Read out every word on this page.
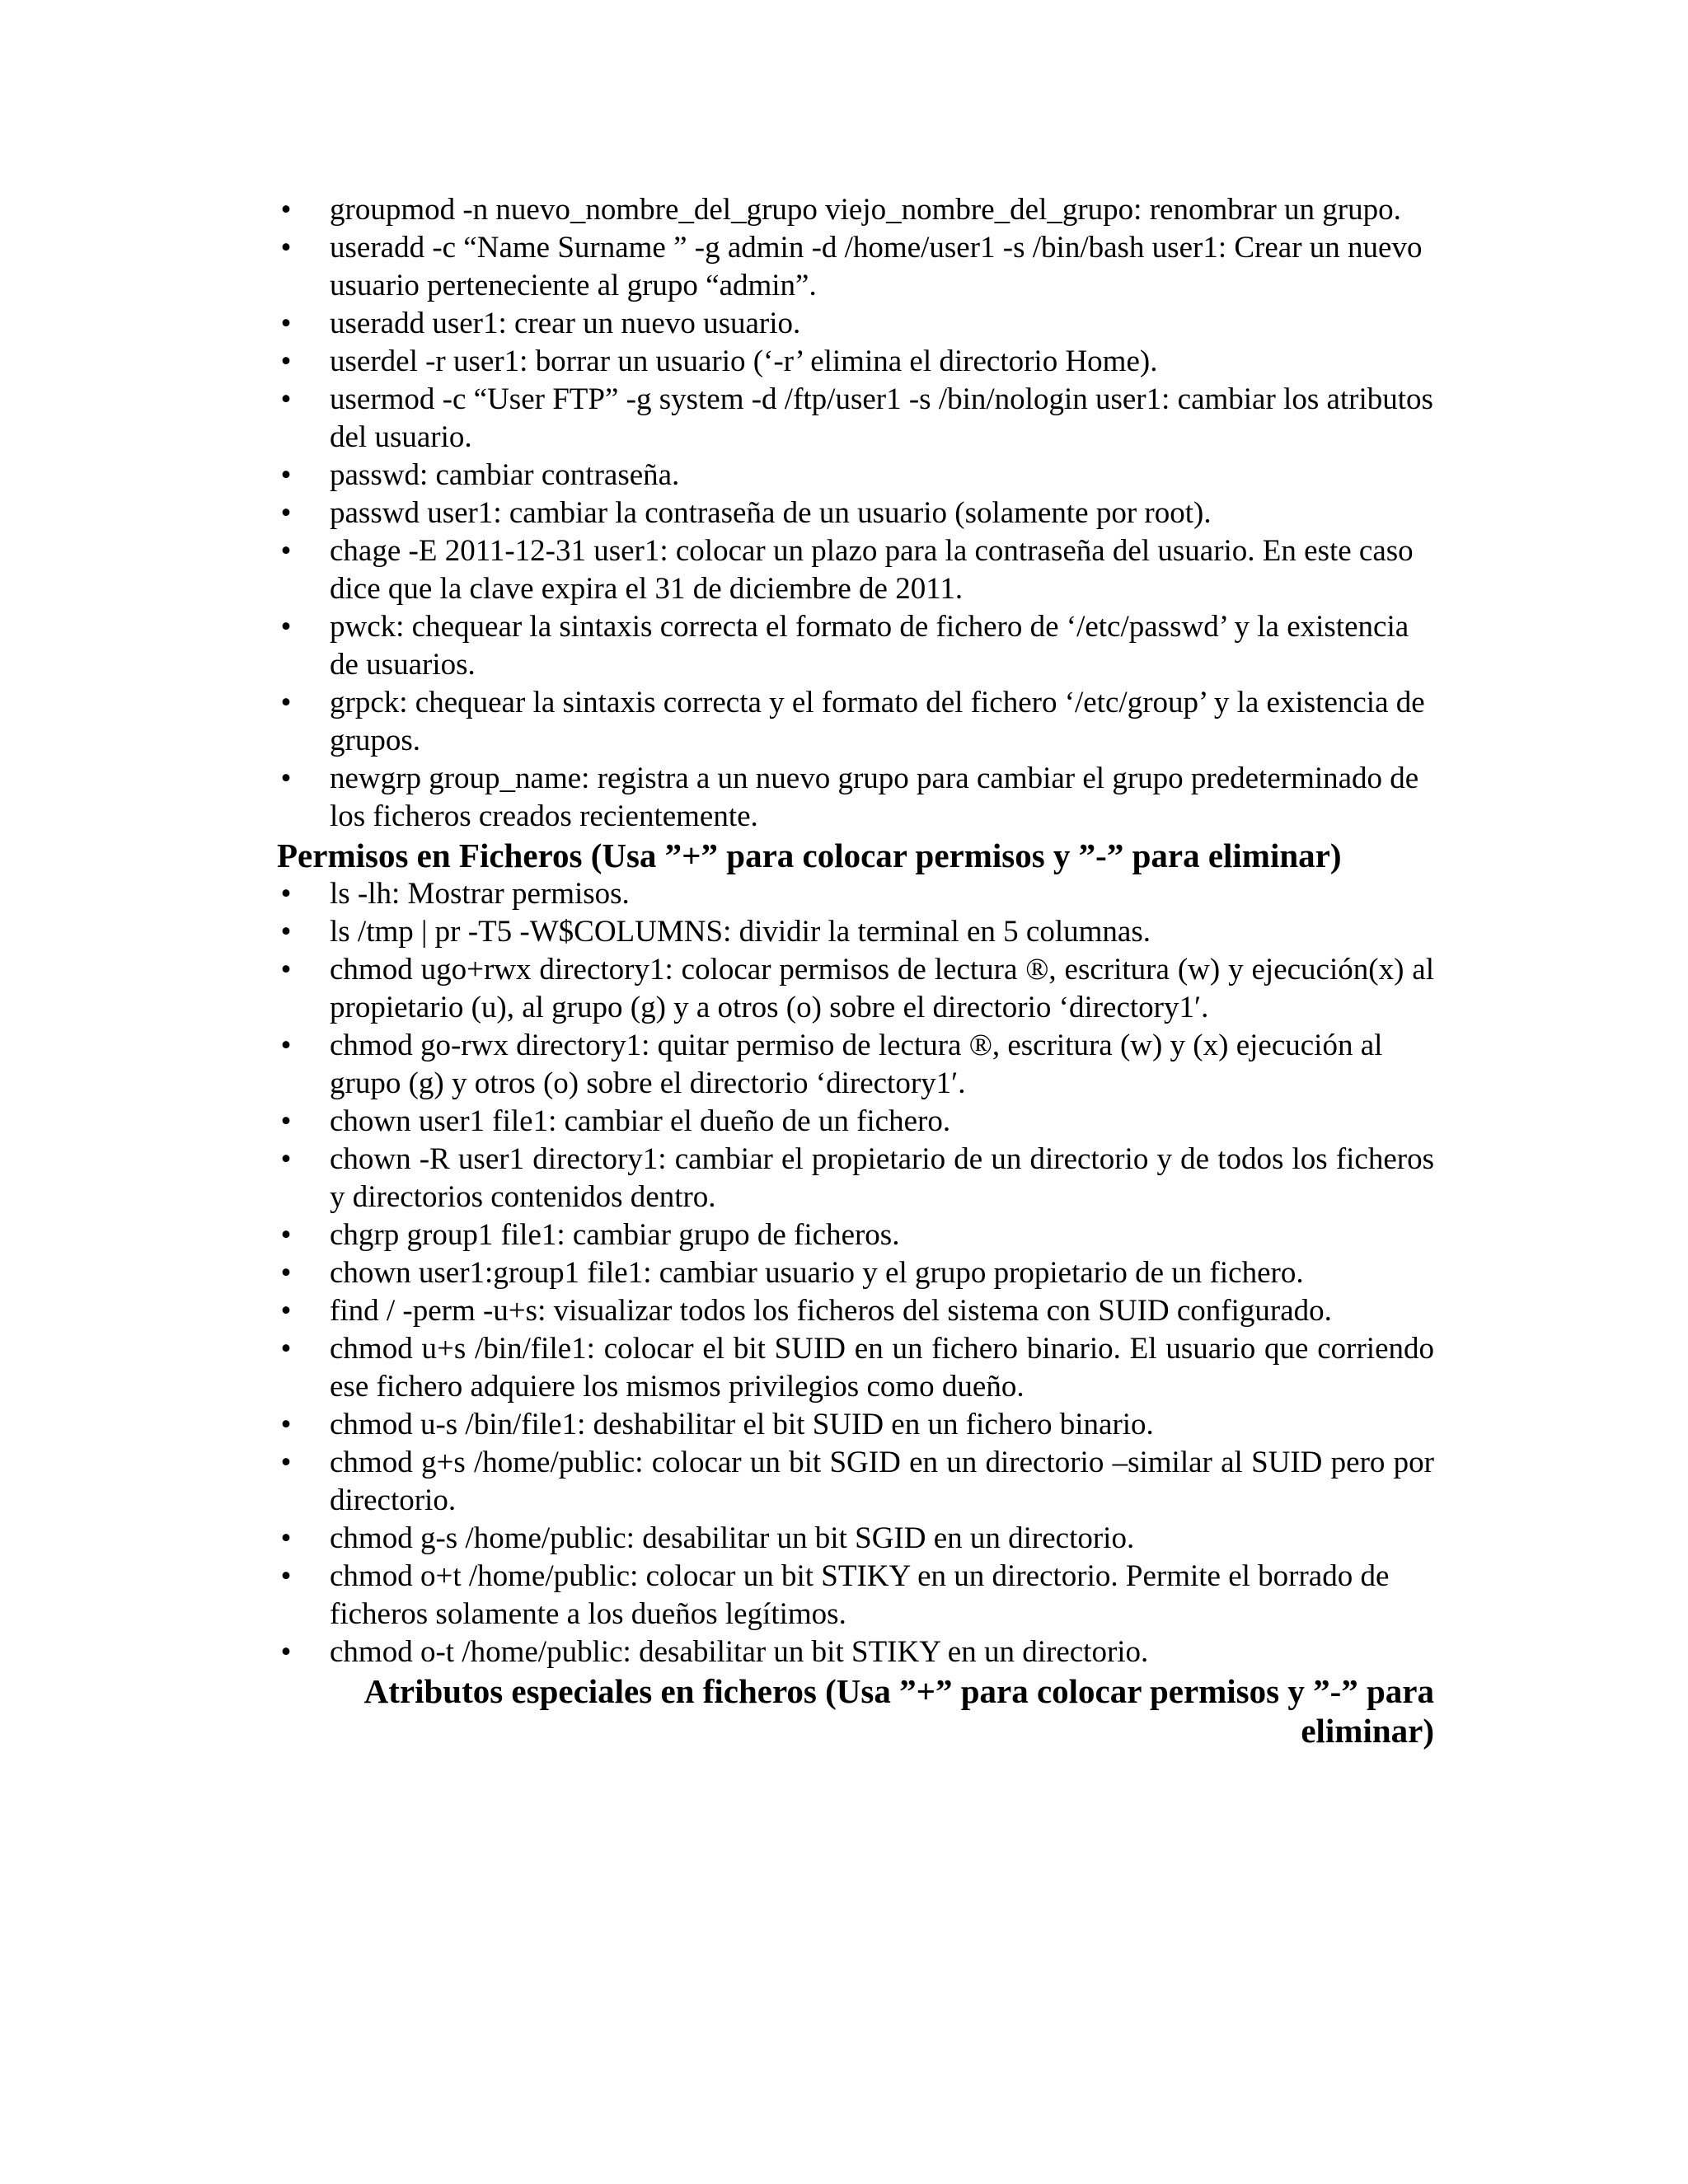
• groupmod -n nuevo_nombre_del_grupo viejo_nombre_del_grupo: renombrar un grupo.
• useradd -c “Name Surname ” -g admin -d /home/user1 -s /bin/bash user1: Crear un nuevo usuario perteneciente al grupo “admin”.
• useradd user1: crear un nuevo usuario.
• userdel -r user1: borrar un usuario (‘-r’ elimina el directorio Home).
• usermod -c “User FTP” -g system -d /ftp/user1 -s /bin/nologin user1: cambiar los atributos del usuario.
• passwd: cambiar contraseña.
• passwd user1: cambiar la contraseña de un usuario (solamente por root).
• chage -E 2011-12-31 user1: colocar un plazo para la contraseña del usuario. En este caso dice que la clave expira el 31 de diciembre de 2011.
• pwck: chequear la sintaxis correcta el formato de fichero de ‘/etc/passwd’ y la existencia de usuarios.
• grpck: chequear la sintaxis correcta y el formato del fichero ‘/etc/group’ y la existencia de grupos.
• newgrp group_name: registra a un nuevo grupo para cambiar el grupo predeterminado de los ficheros creados recientemente.
Permisos en Ficheros (Usa ”+” para colocar permisos y ”-” para eliminar)
• ls -lh: Mostrar permisos.
• ls /tmp | pr -T5 -W$COLUMNS: dividir la terminal en 5 columnas.
• chmod ugo+rwx directory1: colocar permisos de lectura ®, escritura (w) y ejecución(x) al propietario (u), al grupo (g) y a otros (o) sobre el directorio ‘directory1′.
• chmod go-rwx directory1: quitar permiso de lectura ®, escritura (w) y (x) ejecución al grupo (g) y otros (o) sobre el directorio ‘directory1′.
• chown user1 file1: cambiar el dueño de un fichero.
• chown -R user1 directory1: cambiar el propietario de un directorio y de todos los ficheros y directorios contenidos dentro.
• chgrp group1 file1: cambiar grupo de ficheros.
• chown user1:group1 file1: cambiar usuario y el grupo propietario de un fichero.
• find / -perm -u+s: visualizar todos los ficheros del sistema con SUID configurado.
• chmod u+s /bin/file1: colocar el bit SUID en un fichero binario. El usuario que corriendo ese fichero adquiere los mismos privilegios como dueño.
• chmod u-s /bin/file1: deshabilitar el bit SUID en un fichero binario.
• chmod g+s /home/public: colocar un bit SGID en un directorio –similar al SUID pero por directorio.
• chmod g-s /home/public: desabilitar un bit SGID en un directorio.
• chmod o+t /home/public: colocar un bit STIKY en un directorio. Permite el borrado de ficheros solamente a los dueños legítimos.
• chmod o-t /home/public: desabilitar un bit STIKY en un directorio.
Atributos especiales en ficheros (Usa ”+” para colocar permisos y ”-” para
eliminar)
